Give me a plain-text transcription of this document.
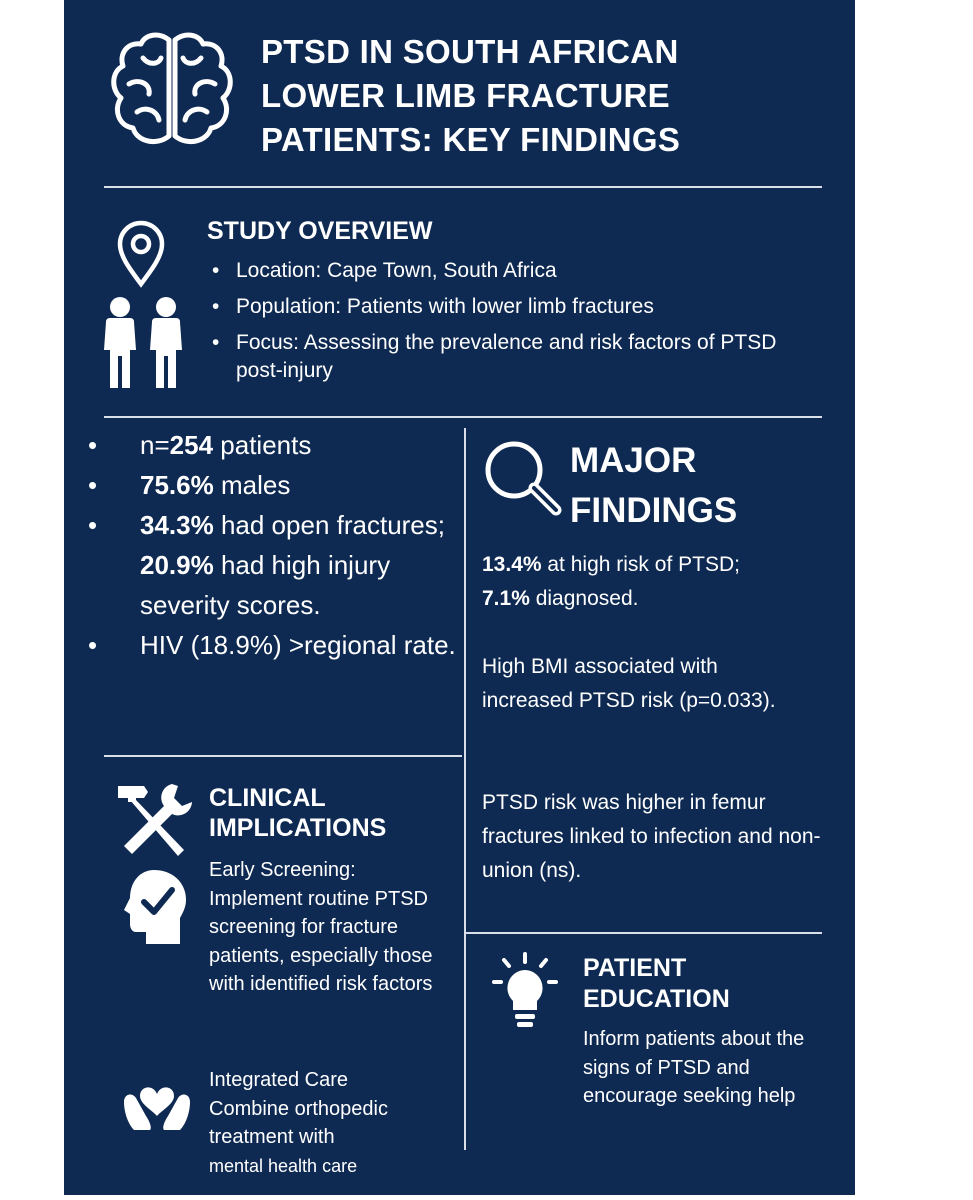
PTSD IN SOUTH AFRICAN
LOWER LIMB FRACTURE
PATIENTS: KEY FINDINGS
STUDY OVERVIEW
• Location: Cape Town, South Africa
• Population: Patients with lower limb fractures
• Focus: Assessing the prevalence and risk factors of PTSD post-injury
• n=254 patients
• 75.6% males
• 34.3% had open fractures; 20.9% had high injury severity scores.
• HIV (18.9%) >regional rate.
MAJOR
FINDINGS
13.4% at high risk of PTSD;
7.1% diagnosed.
High BMI associated with increased PTSD risk (p=0.033).
PTSD risk was higher in femur fractures linked to infection and non-union (ns).
CLINICAL
IMPLICATIONS
Early Screening: Implement routine PTSD screening for fracture patients, especially those with identified risk factors
Integrated Care
Combine orthopedic treatment with
mental health care
PATIENT
EDUCATION
Inform patients about the signs of PTSD and encourage seeking help
